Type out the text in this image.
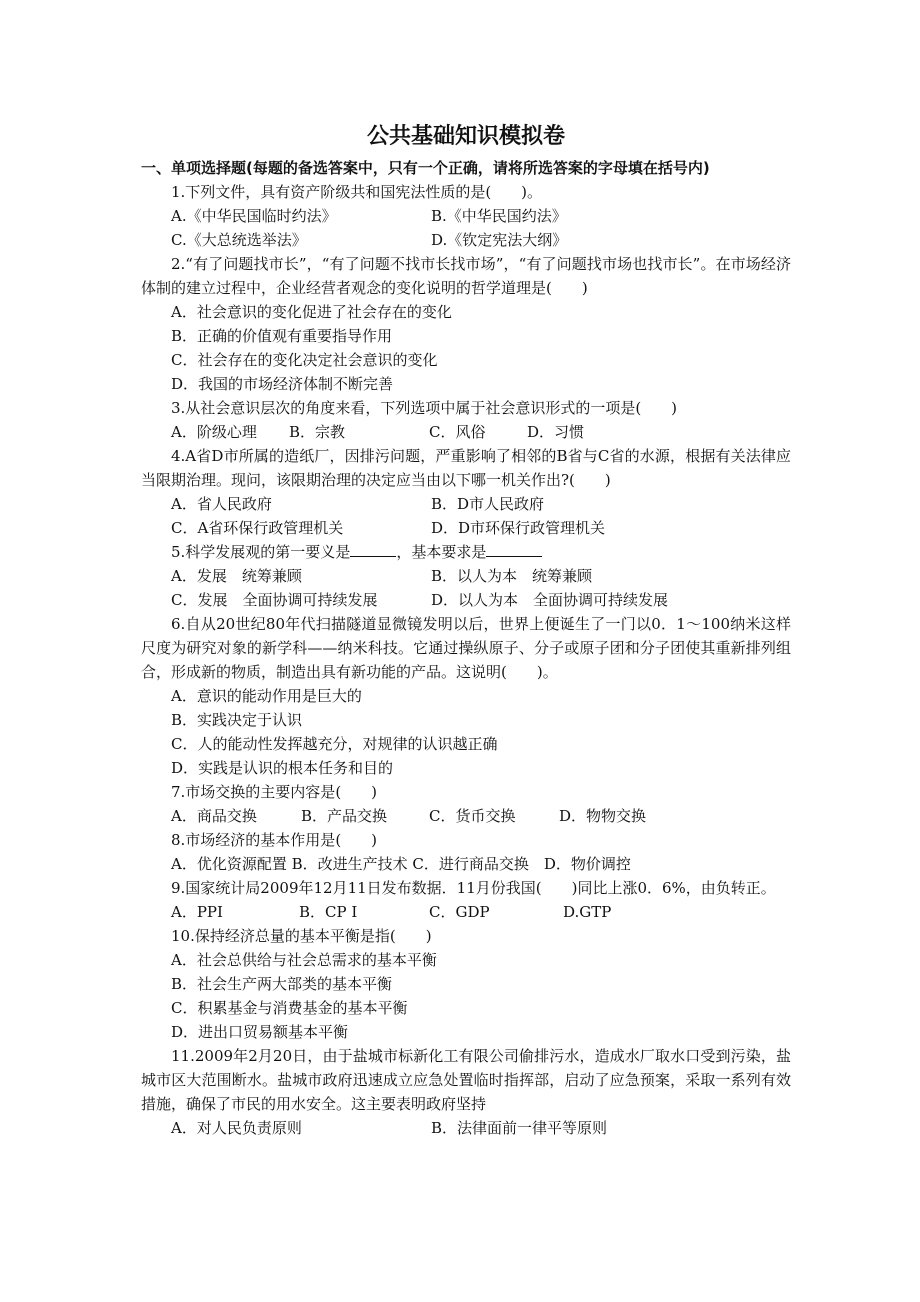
公共基础知识模拟卷
一、单项选择题(每题的备选答案中，只有一个正确，请将所选答案的字母填在括号内)
1.下列文件，具有资产阶级共和国宪法性质的是(　　)。
A.《中华民国临时约法》	B.《中华民国约法》
C.《大总统选举法》	D.《钦定宪法大纲》
2.“有了问题找市长”，“有了问题不找市长找市场”，“有了问题找市场也找市长”。在市场经济体制的建立过程中，企业经营者观念的变化说明的哲学道理是(　　)
A．社会意识的变化促进了社会存在的变化
B．正确的价值观有重要指导作用
C．社会存在的变化决定社会意识的变化
D．我国的市场经济体制不断完善
3.从社会意识层次的角度来看，下列选项中属于社会意识形式的一项是(　　)
A．阶级心理 B．宗教	C．风俗	D．习惯
4.A省D市所属的造纸厂，因排污问题，严重影响了相邻的B省与C省的水源，根据有关法律应当限期治理。现问，该限期治理的决定应当由以下哪一机关作出?(　　)
A．省人民政府	B．D市人民政府
C．A省环保行政管理机关	D．D市环保行政管理机关
5.科学发展观的第一要义是	，基本要求是
A．发展　统筹兼顾	B．以人为本　统筹兼顾
C．发展　全面协调可持续发展	D．以人为本　全面协调可持续发展
6.自从20世纪80年代扫描隧道显微镜发明以后，世界上便诞生了一门以0．1～100纳米这样尺度为研究对象的新学科——纳米科技。它通过操纵原子、分子或原子团和分子团使其重新排列组合，形成新的物质，制造出具有新功能的产品。这说明(　　)。
A．意识的能动作用是巨大的
B．实践决定于认识
C．人的能动性发挥越充分，对规律的认识越正确
D．实践是认识的根本任务和目的
7.市场交换的主要内容是(　　)
A．商品交换	B．产品交换	C．货币交换	D．物物交换
8.市场经济的基本作用是(　　)
A．优化资源配置 B．改进生产技术 C．进行商品交换　D．物价调控
9.国家统计局2009年12月11日发布数据．11月份我国(　　)同比上涨0．6%，由负转正。
A．PPI	B．CP I	C．GDP	D.GTP
10.保持经济总量的基本平衡是指(　　)
A．社会总供给与社会总需求的基本平衡
B．社会生产两大部类的基本平衡
C．积累基金与消费基金的基本平衡
D．进出口贸易额基本平衡
11.2009年2月20日，由于盐城市标新化工有限公司偷排污水，造成水厂取水口受到污染，盐城市区大范围断水。盐城市政府迅速成立应急处置临时指挥部，启动了应急预案，采取一系列有效措施，确保了市民的用水安全。这主要表明政府坚持
A．对人民负责原则	B．法律面前一律平等原则
